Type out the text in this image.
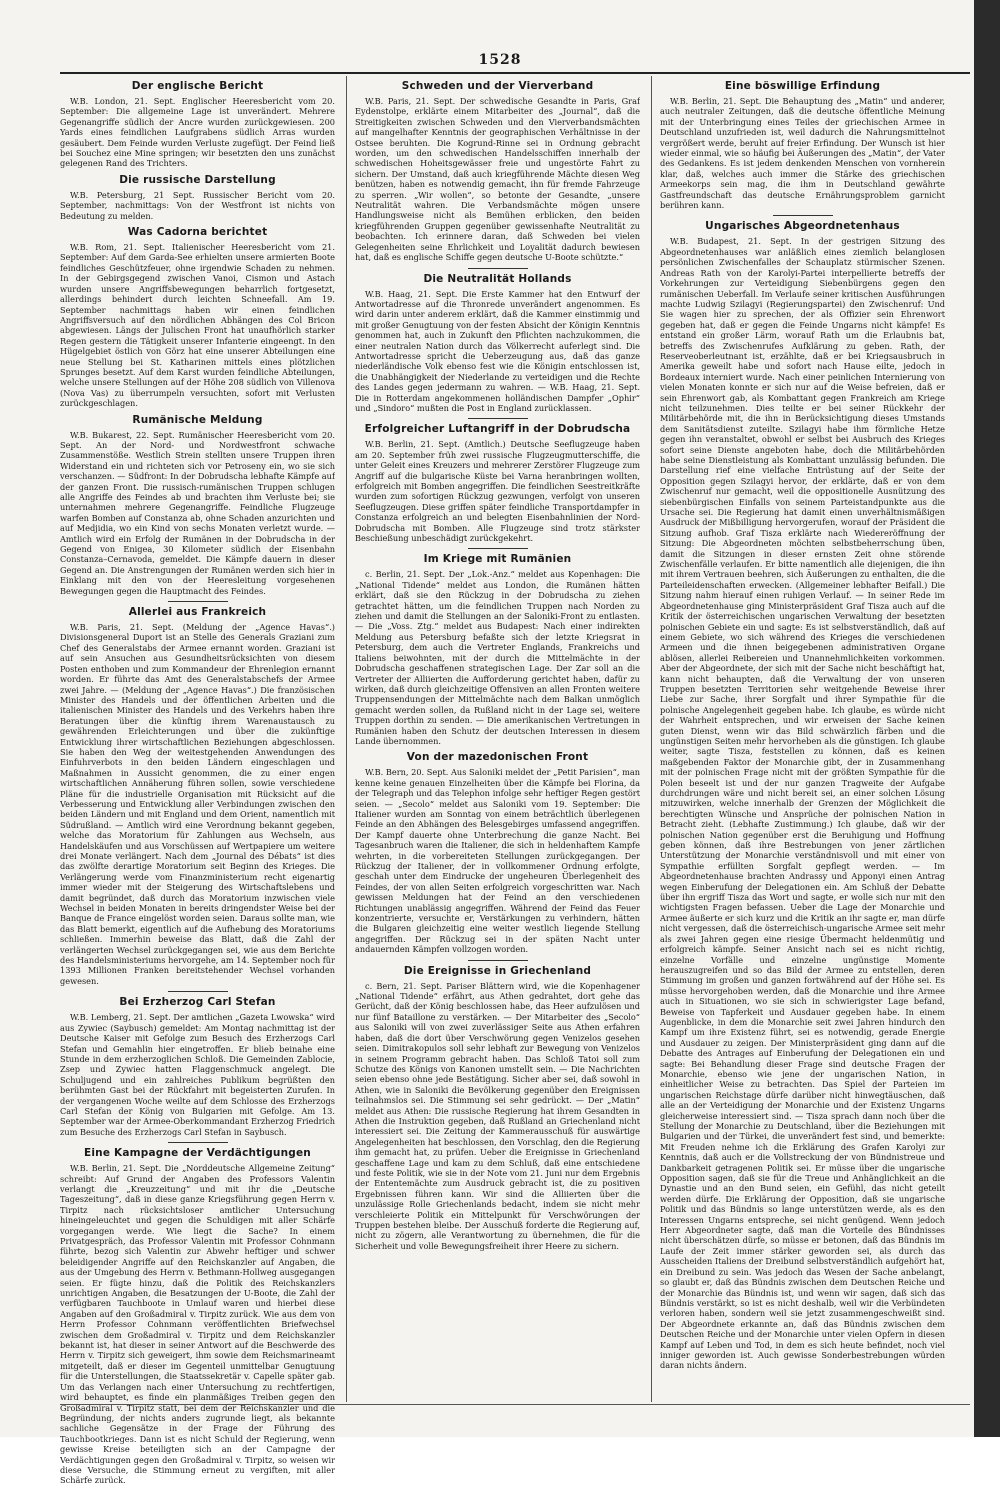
1528
Der englische Bericht
W.B. London, 21. Sept. Englischer Heeresbericht vom 20. September: Die allgemeine Lage ist unverändert. Mehrere Gegenangriffe südlich der Ancre wurden zurückgewiesen. 200 Yards eines feindlichen Laufgrabens südlich Arras wurden gesäubert. Dem Feinde wurden Verluste zugefügt. Der Feind ließ bei Souchez eine Mine springen; wir besetzten den uns zunächst gelegenen Rand des Trichters.
Die russische Darstellung
W.B. Petersburg, 21 Sept. Russischer Bericht vom 20. September, nachmittags: Von der Westfront ist nichts von Bedeutung zu melden.
Was Cadorna berichtet
W.B. Rom, 21. Sept. Italienischer Heeresbericht vom 21. September: Auf dem Garda-See erhielten unsere armierten Boote feindliches Geschützfeuer, ohne irgendwie Schaden zu nehmen. In der Gebirgsgegend zwischen Vanoi, Cismon und Astach wurden unsere Angriffsbewegungen beharrlich fortgesetzt, allerdings behindert durch leichten Schneefall. Am 19. September nachmittags haben wir einen feindlichen Angriffsversuch auf den nördlichen Abhängen des Col Bricon abgewiesen. Längs der Julischen Front hat unaufhörlich starker Regen gestern die Tätigkeit unserer Infanterie eingeengt. In den Hügelgebiet östlich von Görz hat eine unserer Abteilungen eine neue Stellung bei St. Katharinen mittels eines plötzlichen Sprunges besetzt. Auf dem Karst wurden feindliche Abteilungen, welche unsere Stellungen auf der Höhe 208 südlich von Villenova (Nova Vas) zu überrumpeln versuchten, sofort mit Verlusten zurückgeschlagen.
Rumänische Meldung
W.B. Bukarest, 22. Sept. Rumänischer Heeresbericht vom 20. Sept. An der Nord- und Nordwestfront schwache Zusammenstöße. Westlich Strein stellten unsere Truppen ihren Widerstand ein und richteten sich vor Petroseny ein, wo sie sich verschanzen. — Südfront: In der Dobrudscha lebhafte Kämpfe auf der ganzen Front. Die russisch-rumänischen Truppen schlugen alle Angriffe des Feindes ab und brachten ihm Verluste bei; sie unternahmen mehrere Gegenangriffe. Feindliche Flugzeuge warfen Bomben auf Constanza ab, ohne Schaden anzurichten und auf Medjidia, wo ein Kind von sechs Monaten verletzt wurde. — Amtlich wird ein Erfolg der Rumänen in der Dobrudscha in der Gegend von Enigea, 30 Kilometer südlich der Eisenbahn Constanza–Cernavoda, gemeldet. Die Kämpfe dauern in dieser Gegend an. Die Anstrengungen der Rumänen werden sich hier in Einklang mit den von der Heeresleitung vorgesehenen Bewegungen gegen die Hauptmacht des Feindes.
Allerlei aus Frankreich
W.B. Paris, 21. Sept. (Meldung der „Agence Havas“.) Divisionsgeneral Duport ist an Stelle des Generals Graziani zum Chef des Generalstabs der Armee ernannt worden. Graziani ist auf sein Ansuchen aus Gesundheitsrücksichten von diesem Posten enthoben und zum Kommandeur der Ehrenlegion ernannt worden. Er führte das Amt des Generalstabschefs der Armee zwei Jahre. — (Meldung der „Agence Havas“.) Die französischen Minister des Handels und der öffentlichen Arbeiten und die italienischen Minister des Handels und des Verkehrs haben ihre Beratungen über die künftig ihrem Warenaustausch zu gewährenden Erleichterungen und über die zukünftige Entwicklung ihrer wirtschaftlichen Beziehungen abgeschlossen. Sie haben den Weg der weitestgehenden Anwendungen des Einfuhrverbots in den beiden Ländern eingeschlagen und Maßnahmen in Aussicht genommen, die zu einer engen wirtschaftlichen Annäherung führen sollen, sowie verschiedene Pläne für die industrielle Organisation mit Rücksicht auf die Verbesserung und Entwicklung aller Verbindungen zwischen den beiden Ländern und mit England und dem Orient, namentlich mit Südrußland. — Amtlich wird eine Verordnung bekannt gegeben, welche das Moratorium für Zahlungen aus Wechseln, aus Handelskäufen und aus Vorschüssen auf Wertpapiere um weitere drei Monate verlängert. Nach dem „Journal des Débats“ ist dies das zwölfte derartige Moratorium seit Beginn des Krieges. Die Verlängerung werde vom Finanzministerium recht eigenartig immer wieder mit der Steigerung des Wirtschaftslebens und damit begründet, daß durch das Moratorium inzwischen viele Wechsel in beiden Monaten in bereits dringendster Weise bei der Banque de France eingelöst worden seien. Daraus sollte man, wie das Blatt bemerkt, eigentlich auf die Aufhebung des Moratoriums schließen. Immerhin beweise das Blatt, daß die Zahl der verlängerten Wechsel zurückgegangen sei, wie aus dem Berichte des Handelsministeriums hervorgehe, am 14. September noch für 1393 Millionen Franken bereitstehender Wechsel vorhanden gewesen.
Bei Erzherzog Carl Stefan
W.B. Lemberg, 21. Sept. Der amtlichen „Gazeta Lwowska“ wird aus Zywiec (Saybusch) gemeldet: Am Montag nachmittag ist der Deutsche Kaiser mit Gefolge zum Besuch des Erzherzogs Carl Stefan und Gemahlin hier eingetroffen. Er blieb beinahe eine Stunde in dem erzherzoglichen Schloß. Die Gemeinden Zablocie, Zsep und Zywiec hatten Flaggenschmuck angelegt. Die Schuljugend und ein zahlreiches Publikum begrüßten den berühmten Gast bei der Rückfahrt mit begeisterten Zurufen. In der vergangenen Woche weilte auf dem Schlosse des Erzherzogs Carl Stefan der König von Bulgarien mit Gefolge. Am 13. September war der Armee-Oberkommandant Erzherzog Friedrich zum Besuche des Erzherzogs Carl Stefan in Saybusch.
Eine Kampagne der Verdächtigungen
W.B. Berlin, 21. Sept. Die „Norddeutsche Allgemeine Zeitung“ schreibt: Auf Grund der Angaben des Professors Valentin verlangt die „Kreuzzeitung“ und mit ihr die „Deutsche Tageszeitung“, daß in diese ganze Kriegsführung gegen Herrn v. Tirpitz nach rücksichtsloser amtlicher Untersuchung hineingeleuchtet und gegen die Schuldigen mit aller Schärfe vorgegangen werde. Wie liegt die Sache? In einem Privatgespräch, das Professor Valentin mit Professor Cohnmann führte, bezog sich Valentin zur Abwehr heftiger und schwer beleidigender Angriffe auf den Reichskanzler auf Angaben, die aus der Umgebung des Herrn v. Bethmann-Hollweg ausgegangen seien. Er fügte hinzu, daß die Politik des Reichskanzlers unrichtigen Angaben, die Besatzungen der U-Boote, die Zahl der verfügbaren Tauchboote in Umlauf waren und hierbei diese Angaben auf den Großadmiral v. Tirpitz zurück. Wie aus dem von Herrn Professor Cohnmann veröffentlichten Briefwechsel zwischen dem Großadmiral v. Tirpitz und dem Reichskanzler bekannt ist, hat dieser in seiner Antwort auf die Beschwerde des Herrn v. Tirpitz sich geweigert, ihm sowie dem Reichsmarineamt mitgeteilt, daß er dieser im Gegenteil unmittelbar Genugtuung für die Unterstellungen, die Staatssekretär v. Capelle später gab. Um das Verlangen nach einer Untersuchung zu rechtfertigen, wird behauptet, es finde ein planmäßiges Treiben gegen den Großadmiral v. Tirpitz statt, bei dem der Reichskanzler und die Begründung, der nichts anders zugrunde liegt, als bekannte sachliche Gegensätze in der Frage der Führung des Tauchbootkrieges. Dann ist es nicht Schuld der Regierung, wenn gewisse Kreise beteiligten sich an der Campagne der Verdächtigungen gegen den Großadmiral v. Tirpitz, so weisen wir diese Versuche, die Stimmung erneut zu vergiften, mit aller Schärfe zurück.
Schweden und der Vierverband
W.B. Paris, 21. Sept. Der schwedische Gesandte in Paris, Graf Eydenstolpe, erklärte einem Mitarbeiter des „Journal“, daß die Streitigkeiten zwischen Schweden und den Vierverbandsmächten auf mangelhafter Kenntnis der geographischen Verhältnisse in der Ostsee beruhten. Die Kogrund-Rinne sei in Ordnung gebracht worden, um den schwedischen Handelsschiffen innerhalb der schwedischen Hoheitsgewässer freie und ungestörte Fahrt zu sichern. Der Umstand, daß auch kriegführende Mächte diesen Weg benützen, haben es notwendig gemacht, ihn für fremde Fahrzeuge zu sperren. „Wir wollen“, so betonte der Gesandte, „unsere Neutralität wahren. Die Verbandsmächte mögen unsere Handlungsweise nicht als Bemühen erblicken, den beiden kriegführenden Gruppen gegenüber gewissenhafte Neutralität zu beobachten. Ich erinnere daran, daß Schweden bei vielen Gelegenheiten seine Ehrlichkeit und Loyalität dadurch bewiesen hat, daß es englische Schiffe gegen deutsche U-Boote schützte.“
Die Neutralität Hollands
W.B. Haag, 21. Sept. Die Erste Kammer hat den Entwurf der Antwortadresse auf die Thronrede unverändert angenommen. Es wird darin unter anderem erklärt, daß die Kammer einstimmig und mit großer Genugtuung von der festen Absicht der Königin Kenntnis genommen hat, auch in Zukunft den Pflichten nachzukommen, die einer neutralen Nation durch das Völkerrecht auferlegt sind. Die Antwortadresse spricht die Ueberzeugung aus, daß das ganze niederländische Volk ebenso fest wie die Königin entschlossen ist, die Unabhängigkeit der Niederlande zu verteidigen und die Rechte des Landes gegen jedermann zu wahren. — W.B. Haag, 21. Sept. Die in Rotterdam angekommenen holländischen Dampfer „Ophir“ und „Sindoro“ mußten die Post in England zurücklassen.
Erfolgreicher Luftangriff in der Dobrudscha
W.B. Berlin, 21. Sept. (Amtlich.) Deutsche Seeflugzeuge haben am 20. September früh zwei russische Flugzeugmutterschiffe, die unter Geleit eines Kreuzers und mehrerer Zerstörer Flugzeuge zum Angriff auf die bulgarische Küste bei Varna heranbringen wollten, erfolgreich mit Bomben angegriffen. Die feindlichen Seestreitkräfte wurden zum sofortigen Rückzug gezwungen, verfolgt von unseren Seeflugzeugen. Diese griffen später feindliche Transportdampfer in Constanza erfolgreich an und belegten Eisenbahnlinien der Nord-Dobrudscha mit Bomben. Alle Flugzeuge sind trotz stärkster Beschießung unbeschädigt zurückgekehrt.
Im Kriege mit Rumänien
c. Berlin, 21. Sept. Der „Lok.-Anz.“ meldet aus Kopenhagen: Die „National Tidende“ meldet aus London, die Rumänen hätten erklärt, daß sie den Rückzug in der Dobrudscha zu ziehen getrachtet hätten, um die feindlichen Truppen nach Norden zu ziehen und damit die Stellungen an der Saloniki-Front zu entlasten. — Die „Voss. Ztg.“ meldet aus Budapest: Nach einer indirekten Meldung aus Petersburg befaßte sich der letzte Kriegsrat in Petersburg, dem auch die Vertreter Englands, Frankreichs und Italiens beiwohnten, mit der durch die Mittelmächte in der Dobrudscha geschaffenen strategischen Lage. Der Zar soll an die Vertreter der Alliierten die Aufforderung gerichtet haben, dafür zu wirken, daß durch gleichzeitige Offensiven an allen Fronten weitere Truppensendungen der Mittelmächte nach dem Balkan unmöglich gemacht werden sollen, da Rußland nicht in der Lage sei, weitere Truppen dorthin zu senden. — Die amerikanischen Vertretungen in Rumänien haben den Schutz der deutschen Interessen in diesem Lande übernommen.
Von der mazedonischen Front
W.B. Bern, 20. Sept. Aus Saloniki meldet der „Petit Parisien“, man kenne keine genauen Einzelheiten über die Kämpfe bei Florina, da der Telegraph und das Telephon infolge sehr heftiger Regen gestört seien. — „Secolo“ meldet aus Saloniki vom 19. September: Die Italiener wurden am Sonntag von einem beträchtlich überlegenen Feinde an den Abhängen des Belesgebirges umfassend angegriffen. Der Kampf dauerte ohne Unterbrechung die ganze Nacht. Bei Tagesanbruch waren die Italiener, die sich in heldenhaftem Kampfe wehrten, in die vorbereiteten Stellungen zurückgegangen. Der Rückzug der Italiener, der in vollkommener Ordnung erfolgte, geschah unter dem Eindrucke der ungeheuren Überlegenheit des Feindes, der von allen Seiten erfolgreich vorgeschritten war. Nach gewissen Meldungen hat der Feind an den verschiedenen Richtungen unablässig angegriffen. Während der Feind das Feuer konzentrierte, versuchte er, Verstärkungen zu verhindern, hätten die Bulgaren gleichzeitig eine weiter westlich liegende Stellung angegriffen. Der Rückzug sei in der späten Nacht unter andauernden Kämpfen vollzogen worden.
Die Ereignisse in Griechenland
c. Bern, 21. Sept. Pariser Blättern wird, wie die Kopenhagener „National Tidende“ erfährt, aus Athen gedrahtet, dort gehe das Gerücht, daß der König beschlossen habe, das Heer aufzulösen und nur fünf Bataillone zu verstärken. — Der Mitarbeiter des „Secolo“ aus Saloniki will von zwei zuverlässiger Seite aus Athen erfahren haben, daß die dort über Verschwörung gegen Venizelos gesehen seien. Dimitrakopulos soll sehr lebhaft zur Bewegung von Venizelos in seinem Programm gebracht haben. Das Schloß Tatoi soll zum Schutze des Königs von Kanonen umstellt sein. — Die Nachrichten seien ebenso ohne jede Bestätigung. Sicher aber sei, daß sowohl in Athen, wie in Saloniki die Bevölkerung gegenüber den Ereignissen teilnahmslos sei. Die Stimmung sei sehr gedrückt. — Der „Matin“ meldet aus Athen: Die russische Regierung hat ihrem Gesandten in Athen die Instruktion gegeben, daß Rußland an Griechenland nicht interessiert sei. Die Zeitung der Kammerausschuß für auswärtige Angelegenheiten hat beschlossen, den Vorschlag, den die Regierung ihm gemacht hat, zu prüfen. Ueber die Ereignisse in Griechenland geschaffene Lage und kam zu dem Schluß, daß eine entschiedene und feste Politik, wie sie in der Note vom 21. Juni nur dem Ergebnis der Ententemächte zum Ausdruck gebracht ist, die zu positiven Ergebnissen führen kann. Wir sind die Alliierten über die unzulässige Rolle Griechenlands bedacht, indem sie nicht mehr verschleierte Politik ein Mittelpunkt für Verschwörungen der Truppen bestehen bleibe. Der Ausschuß forderte die Regierung auf, nicht zu zögern, alle Verantwortung zu übernehmen, die für die Sicherheit und volle Bewegungsfreiheit ihrer Heere zu sichern.
Eine böswillige Erfindung
W.B. Berlin, 21. Sept. Die Behauptung des „Matin“ und anderer, auch neutraler Zeitungen, daß die deutsche öffentliche Meinung mit der Unterbringung eines Teiles der griechischen Armee in Deutschland unzufrieden ist, weil dadurch die Nahrungsmittelnot vergrößert werde, beruht auf freier Erfindung. Der Wunsch ist hier wieder einmal, wie so häufig bei Äußerungen des „Matin“, der Vater des Gedankens. Es ist jedem denkenden Menschen von vornherein klar, daß, welches auch immer die Stärke des griechischen Armeekorps sein mag, die ihm in Deutschland gewährte Gastfreundschaft das deutsche Ernährungsproblem garnicht berühren kann.
Ungarisches Abgeordnetenhaus
W.B. Budapest, 21. Sept. In der gestrigen Sitzung des Abgeordnetenhauses war anläßlich eines ziemlich belanglosen persönlichen Zwischenfalles der Schauplatz stürmischer Szenen. Andreas Rath von der Karolyi-Partei interpellierte betreffs der Vorkehrungen zur Verteidigung Siebenbürgens gegen den rumänischen Ueberfall. Im Verlaufe seiner kritischen Ausführungen machte Ludwig Szilagyi (Regierungspartei) den Zwischenruf: Und Sie wagen hier zu sprechen, der als Offizier sein Ehrenwort gegeben hat, daß er gegen die Feinde Ungarns nicht kämpfe! Es entstand ein großer Lärm, worauf Rath um die Erlaubnis bat, betreffs des Zwischenrufes Aufklärung zu geben. Rath, der Reserveoberleutnant ist, erzählte, daß er bei Kriegsausbruch in Amerika geweilt habe und sofort nach Hause eilte, jedoch in Bordeaux interniert wurde. Nach einer peinlichen Internierung von vielen Monaten konnte er sich nur auf die Weise befreien, daß er sein Ehrenwort gab, als Kombattant gegen Frankreich am Kriege nicht teilzunehmen. Dies teilte er bei seiner Rückkehr der Militärbehörde mit, die ihn in Berücksichtigung dieses Umstands dem Sanitätsdienst zuteilte. Szilagyi habe ihm förmliche Hetze gegen ihn veranstaltet, obwohl er selbst bei Ausbruch des Krieges sofort seine Dienste angeboten habe, doch die Militärbehörden habe seine Dienstleistung als Kombattant unzulässig befunden. Die Darstellung rief eine vielfache Entrüstung auf der Seite der Opposition gegen Szilagyi hervor, der erklärte, daß er von dem Zwischenruf nur gemacht, weil die oppositionelle Ausnützung des siebenbürgischen Einfalls von seinem Parteistandpunkte aus die Ursache sei. Die Regierung hat damit einen unverhältnismäßigen Ausdruck der Mißbilligung hervorgerufen, worauf der Präsident die Sitzung aufhob. Graf Tisza erklärte nach Wiedereröffnung der Sitzung: Die Abgeordneten möchten selbstbeherrschung üben, damit die Sitzungen in dieser ernsten Zeit ohne störende Zwischenfälle verlaufen. Er bitte namentlich alle diejenigen, die ihn mit ihrem Vertrauen beehren, sich Äußerungen zu enthalten, die die Parteileidenschaften erwecken. (Allgemeiner lebhafter Beifall.) Die Sitzung nahm hierauf einen ruhigen Verlauf. — In seiner Rede im Abgeordnetenhause ging Ministerpräsident Graf Tisza auch auf die Kritik der österreichischen ungarischen Verwaltung der besetzten polnischen Gebiete ein und sagte: Es ist selbstverständlich, daß auf einem Gebiete, wo sich während des Krieges die verschiedenen Armeen und die ihnen beigegebenen administrativen Organe ablösen, allerlei Reibereien und Unannehmlichkeiten vorkommen. Aber der Abgeordnete, der sich mit der Sache nicht beschäftigt hat, kann nicht behaupten, daß die Verwaltung der von unseren Truppen besetzten Territorien sehr weitgehende Beweise ihrer Liebe zur Sache, ihrer Sorgfalt und ihrer Sympathie für die polnische Angelegenheit gegeben habe. Ich glaube, es würde nicht der Wahrheit entsprechen, und wir erweisen der Sache keinen guten Dienst, wenn wir das Bild schwärzlich färben und die ungünstigen Seiten mehr hervorheben als die günstigen. Ich glaube weiter, sagte Tisza, feststellen zu können, daß es keinen maßgebenden Faktor der Monarchie gibt, der in Zusammenhang mit der polnischen Frage nicht mit der größten Sympathie für die Polen beseelt ist und der nur ganzen Tragweite der Aufgabe durchdrungen wäre und nicht bereit sei, an einer solchen Lösung mitzuwirken, welche innerhalb der Grenzen der Möglichkeit die berechtigten Wünsche und Ansprüche der polnischen Nation in Betracht zieht. (Lebhafte Zustimmung.) Ich glaube, daß wir der polnischen Nation gegenüber erst die Beruhigung und Hoffnung geben können, daß ihre Bestrebungen von jener zärtlichen Unterstützung der Monarchie verständnisvoll und mit einer von Sympathie erfüllten Sorgfalt gepflegt werden. — Im Abgeordnetenhause brachten Andrassy und Apponyi einen Antrag wegen Einberufung der Delegationen ein. Am Schluß der Debatte über ihn ergriff Tisza das Wort und sagte, er wolle sich nur mit den wichtigsten Fragen befassen. Ueber die Lage der Monarchie und Armee äußerte er sich kurz und die Kritik an ihr sagte er, man dürfe nicht vergessen, daß die österreichisch-ungarische Armee seit mehr als zwei Jahren gegen eine riesige Übermacht heldenmütig und erfolgreich kämpfe. Seiner Ansicht nach sei es nicht richtig, einzelne Vorfälle und einzelne ungünstige Momente herauszugreifen und so das Bild der Armee zu entstellen, deren Stimmung im großen und ganzen fortwährend auf der Höhe sei. Es müsse hervorgehoben werden, daß die Monarchie und ihre Armee auch in Situationen, wo sie sich in schwierigster Lage befand, Beweise von Tapferkeit und Ausdauer gegeben habe. In einem Augenblicke, in dem die Monarchie seit zwei Jahren hindurch den Kampf um ihre Existenz führt, sei es notwendig, gerade Energie und Ausdauer zu zeigen. Der Ministerpräsident ging dann auf die Debatte des Antrages auf Einberufung der Delegationen ein und sagte: Bei Behandlung dieser Frage sind deutsche Fragen der Monarchie, ebenso wie jene der ungarischen Nation, in einheitlicher Weise zu betrachten. Das Spiel der Parteien im ungarischen Reichstage dürfe darüber nicht hinwegtäuschen, daß alle an der Verteidigung der Monarchie und der Existenz Ungarns gleicherweise interessiert sind. — Tisza sprach dann noch über die Stellung der Monarchie zu Deutschland, über die Beziehungen mit Bulgarien und der Türkei, die unverändert fest sind, und bemerkte: Mit Freuden nehme ich die Erklärung des Grafen Karolyi zur Kenntnis, daß auch er die Vollstreckung der von Bündnistreue und Dankbarkeit getragenen Politik sei. Er müsse über die ungarische Opposition sagen, daß sie für die Treue und Anhänglichkeit an die Dynastie und an den Bund seien, ein Gefühl, das nicht geteilt werden dürfe. Die Erklärung der Opposition, daß sie ungarische Politik und das Bündnis so lange unterstützen werde, als es den Interessen Ungarns entspreche, sei nicht genügend. Wenn jedoch Herr Abgeordneter sagte, daß man die Vorteile des Bündnisses nicht überschätzen dürfe, so müsse er betonen, daß das Bündnis im Laufe der Zeit immer stärker geworden sei, als durch das Ausscheiden Italiens der Dreibund selbstverständlich aufgehört hat, ein Dreibund zu sein. Was jedoch das Wesen der Sache anbelangt, so glaubt er, daß das Bündnis zwischen dem Deutschen Reiche und der Monarchie das Bündnis ist, und wenn wir sagen, daß sich das Bündnis verstärkt, so ist es nicht deshalb, weil wir die Verbündeten verloren haben, sondern weil sie jetzt zusammengeschweißt sind. Der Abgeordnete erkannte an, daß das Bündnis zwischen dem Deutschen Reiche und der Monarchie unter vielen Opfern in diesen Kampf auf Leben und Tod, in dem es sich heute befindet, noch viel inniger geworden ist. Auch gewisse Sonderbestrebungen würden daran nichts ändern.
